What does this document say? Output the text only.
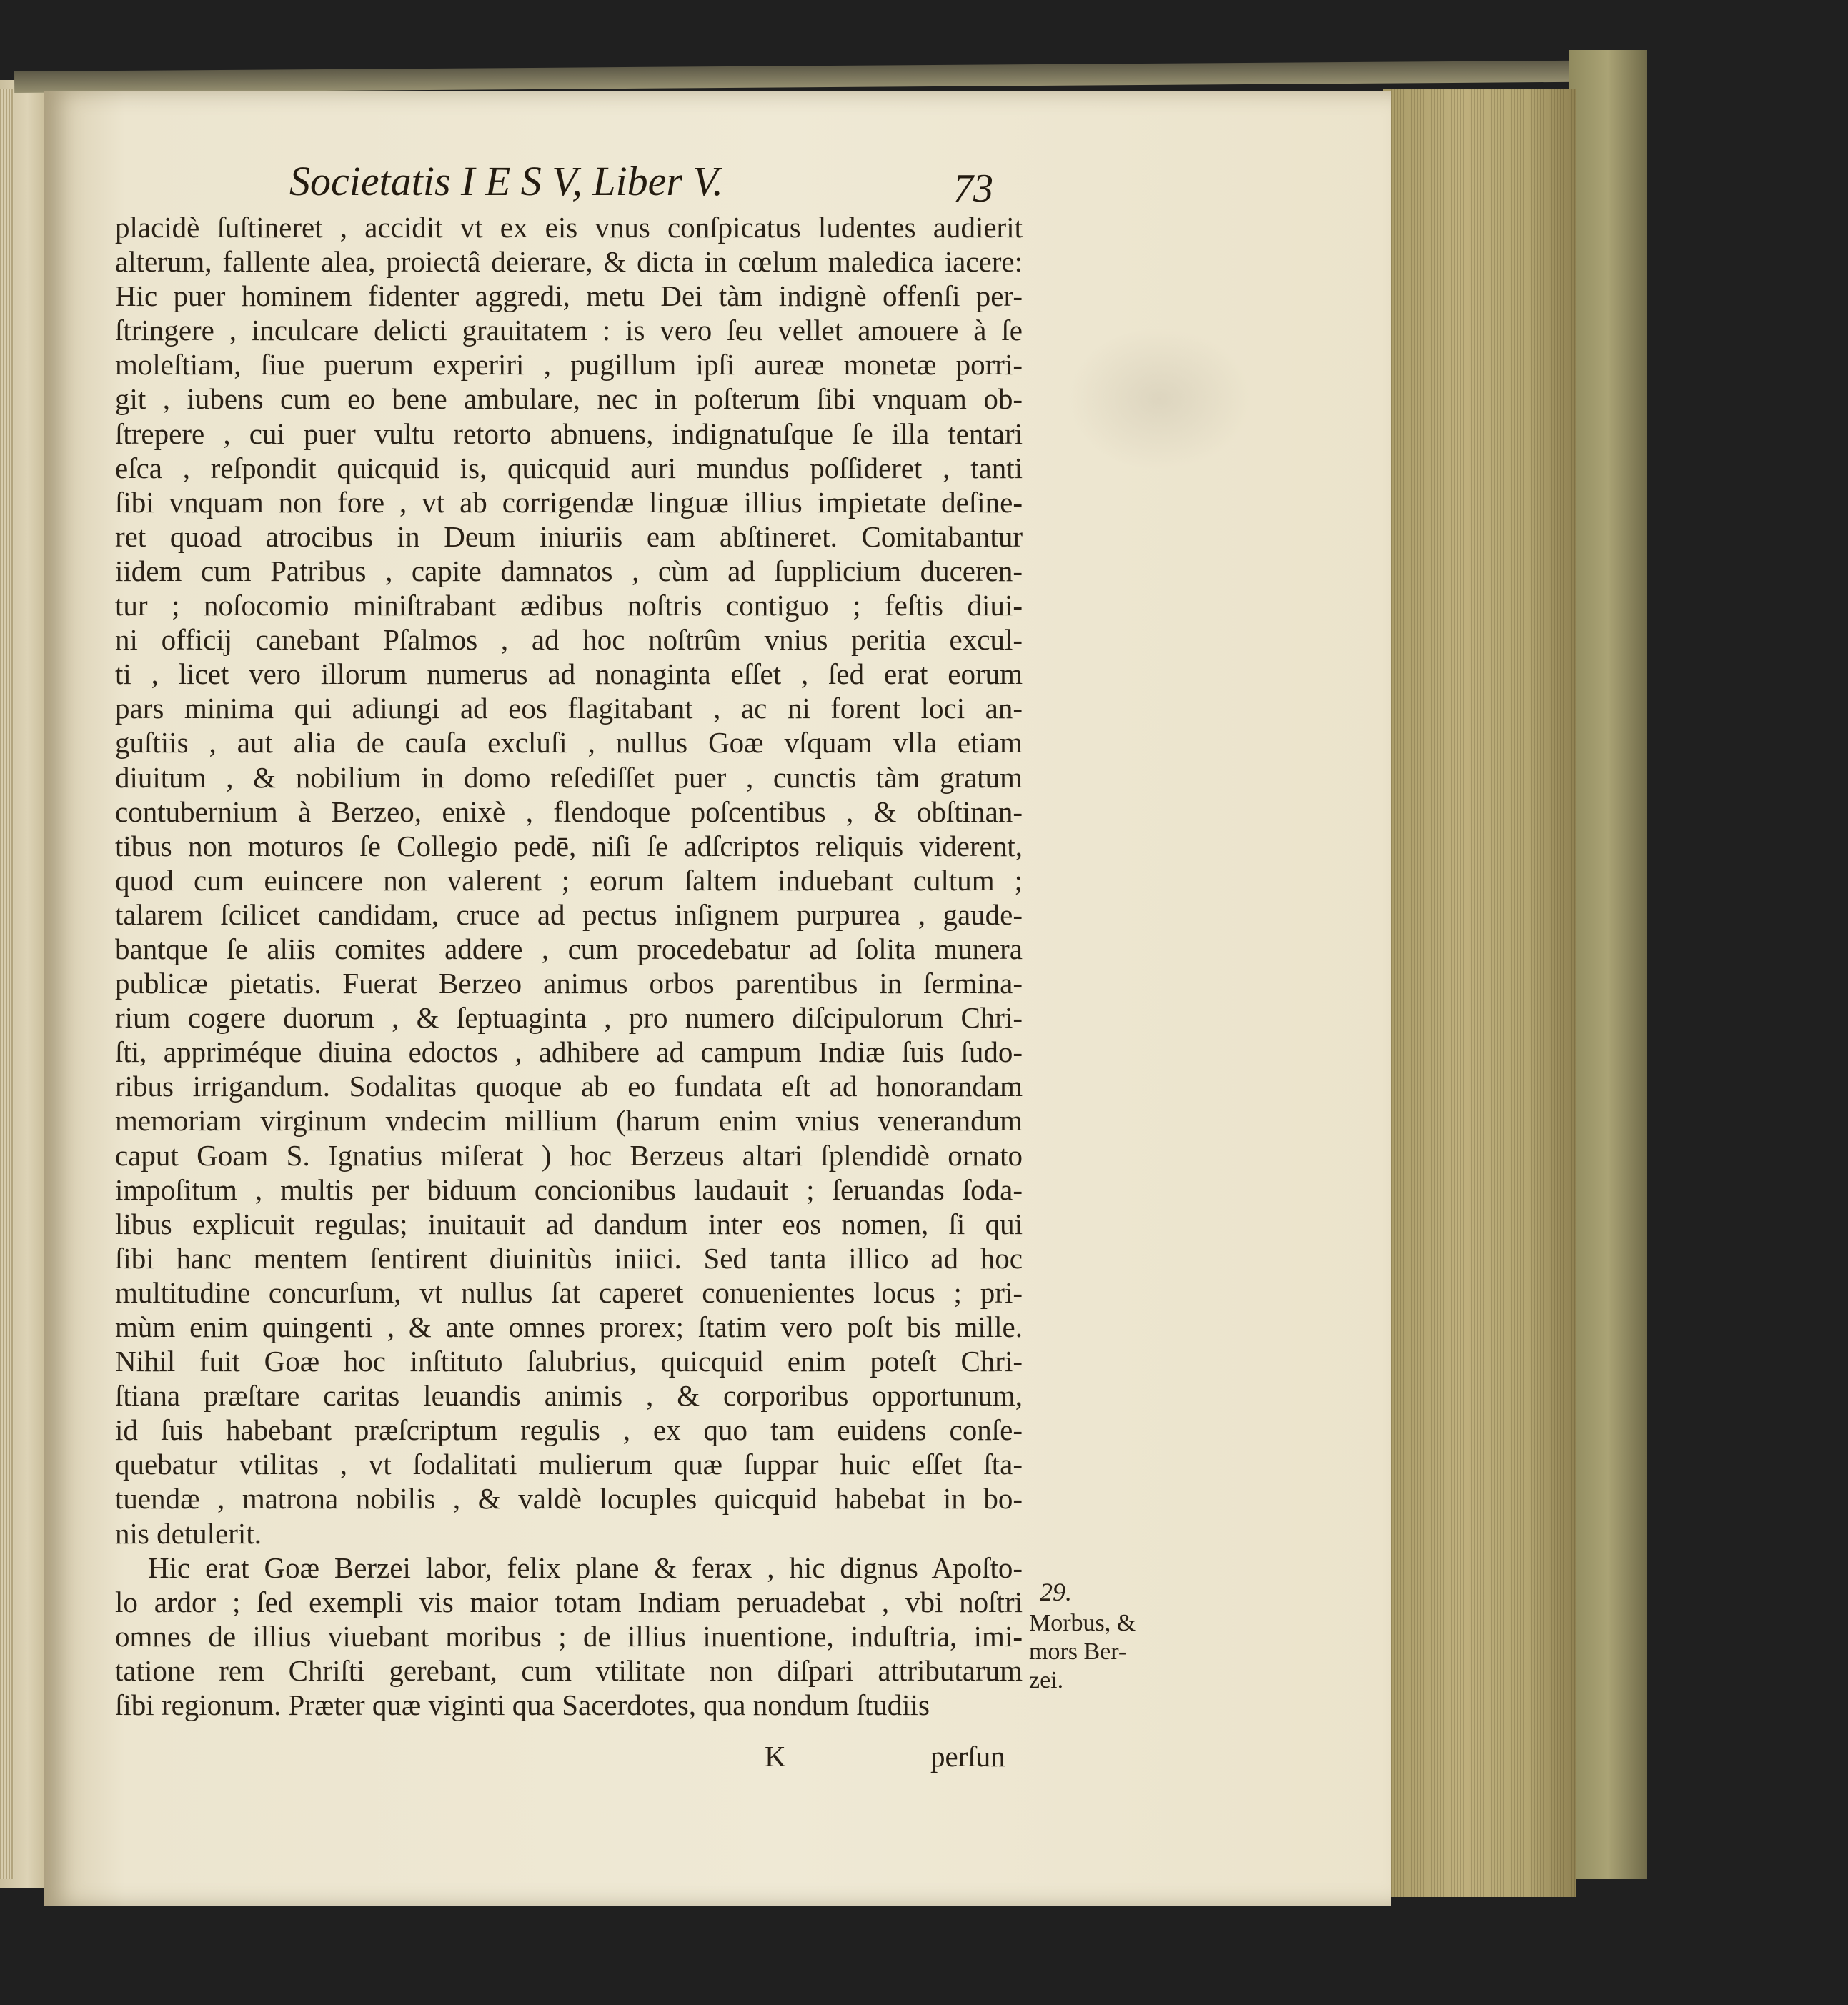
Societatis I E S V, Liber V.	73
placidè ſuſtineret , accidit vt ex eis vnus conſpicatus ludentes audierit
alterum, fallente alea, proiectâ deierare, & dicta in cœlum maledica iacere:
Hic puer hominem fidenter aggredi, metu Dei tàm indignè offenſi per-
ſtringere , inculcare delicti grauitatem : is vero ſeu vellet amouere à ſe
moleſtiam, ſiue puerum experiri , pugillum ipſi aureæ monetæ porri-
git , iubens cum eo bene ambulare, nec in poſterum ſibi vnquam ob-
ſtrepere , cui puer vultu retorto abnuens, indignatuſque ſe illa tentari
eſca , reſpondit quicquid is, quicquid auri mundus poſſideret , tanti
ſibi vnquam non fore , vt ab corrigendæ linguæ illius impietate deſine-
ret quoad atrocibus in Deum iniuriis eam abſtineret. Comitabantur
iidem cum Patribus , capite damnatos , cùm ad ſupplicium duceren-
tur ; noſocomio miniſtrabant ædibus noſtris contiguo ; feſtis diui-
ni officij canebant Pſalmos , ad hoc noſtrûm vnius peritia excul-
ti , licet vero illorum numerus ad nonaginta eſſet , ſed erat eorum
pars minima qui adiungi ad eos flagitabant , ac ni forent loci an-
guſtiis , aut alia de cauſa excluſi , nullus Goæ vſquam vlla etiam
diuitum , & nobilium in domo reſediſſet puer , cunctis tàm gratum
contubernium à Berzeo, enixè , flendoque poſcentibus , & obſtinan-
tibus non moturos ſe Collegio pedē, niſi ſe adſcriptos reliquis viderent,
quod cum euincere non valerent ; eorum ſaltem induebant cultum ;
talarem ſcilicet candidam, cruce ad pectus inſignem purpurea , gaude-
bantque ſe aliis comites addere , cum procedebatur ad ſolita munera
publicæ pietatis. Fuerat Berzeo animus orbos parentibus in ſermina-
rium cogere duorum , & ſeptuaginta , pro numero diſcipulorum Chri-
ſti, appriméque diuina edoctos , adhibere ad campum Indiæ ſuis ſudo-
ribus irrigandum. Sodalitas quoque ab eo fundata eſt ad honorandam
memoriam virginum vndecim millium (harum enim vnius venerandum
caput Goam S. Ignatius miſerat ) hoc Berzeus altari ſplendidè ornato
impoſitum , multis per biduum concionibus laudauit ; ſeruandas ſoda-
libus explicuit regulas; inuitauit ad dandum inter eos nomen, ſi qui
ſibi hanc mentem ſentirent diuinitùs iniici. Sed tanta illico ad hoc
multitudine concurſum, vt nullus ſat caperet conuenientes locus ; pri-
mùm enim quingenti , & ante omnes prorex; ſtatim vero poſt bis mille.
Nihil fuit Goæ hoc inſtituto ſalubrius, quicquid enim poteſt Chri-
ſtiana præſtare caritas leuandis animis , & corporibus opportunum,
id ſuis habebant præſcriptum regulis , ex quo tam euidens conſe-
quebatur vtilitas , vt ſodalitati mulierum quæ ſuppar huic eſſet ſta-
tuendæ , matrona nobilis , & valdè locuples quicquid habebat in bo-
nis detulerit.
Hic erat Goæ Berzei labor, felix plane & ferax , hic dignus Apoſto-
lo ardor ; ſed exempli vis maior totam Indiam peruadebat , vbi noſtri
omnes de illius viuebant moribus ; de illius inuentione, induſtria, imi-
tatione rem Chriſti gerebant, cum vtilitate non diſpari attributarum
ſibi regionum. Præter quæ viginti qua Sacerdotes, qua nondum ſtudiis
K	perſun
29.
Morbus, &
mors Ber-
zei.
